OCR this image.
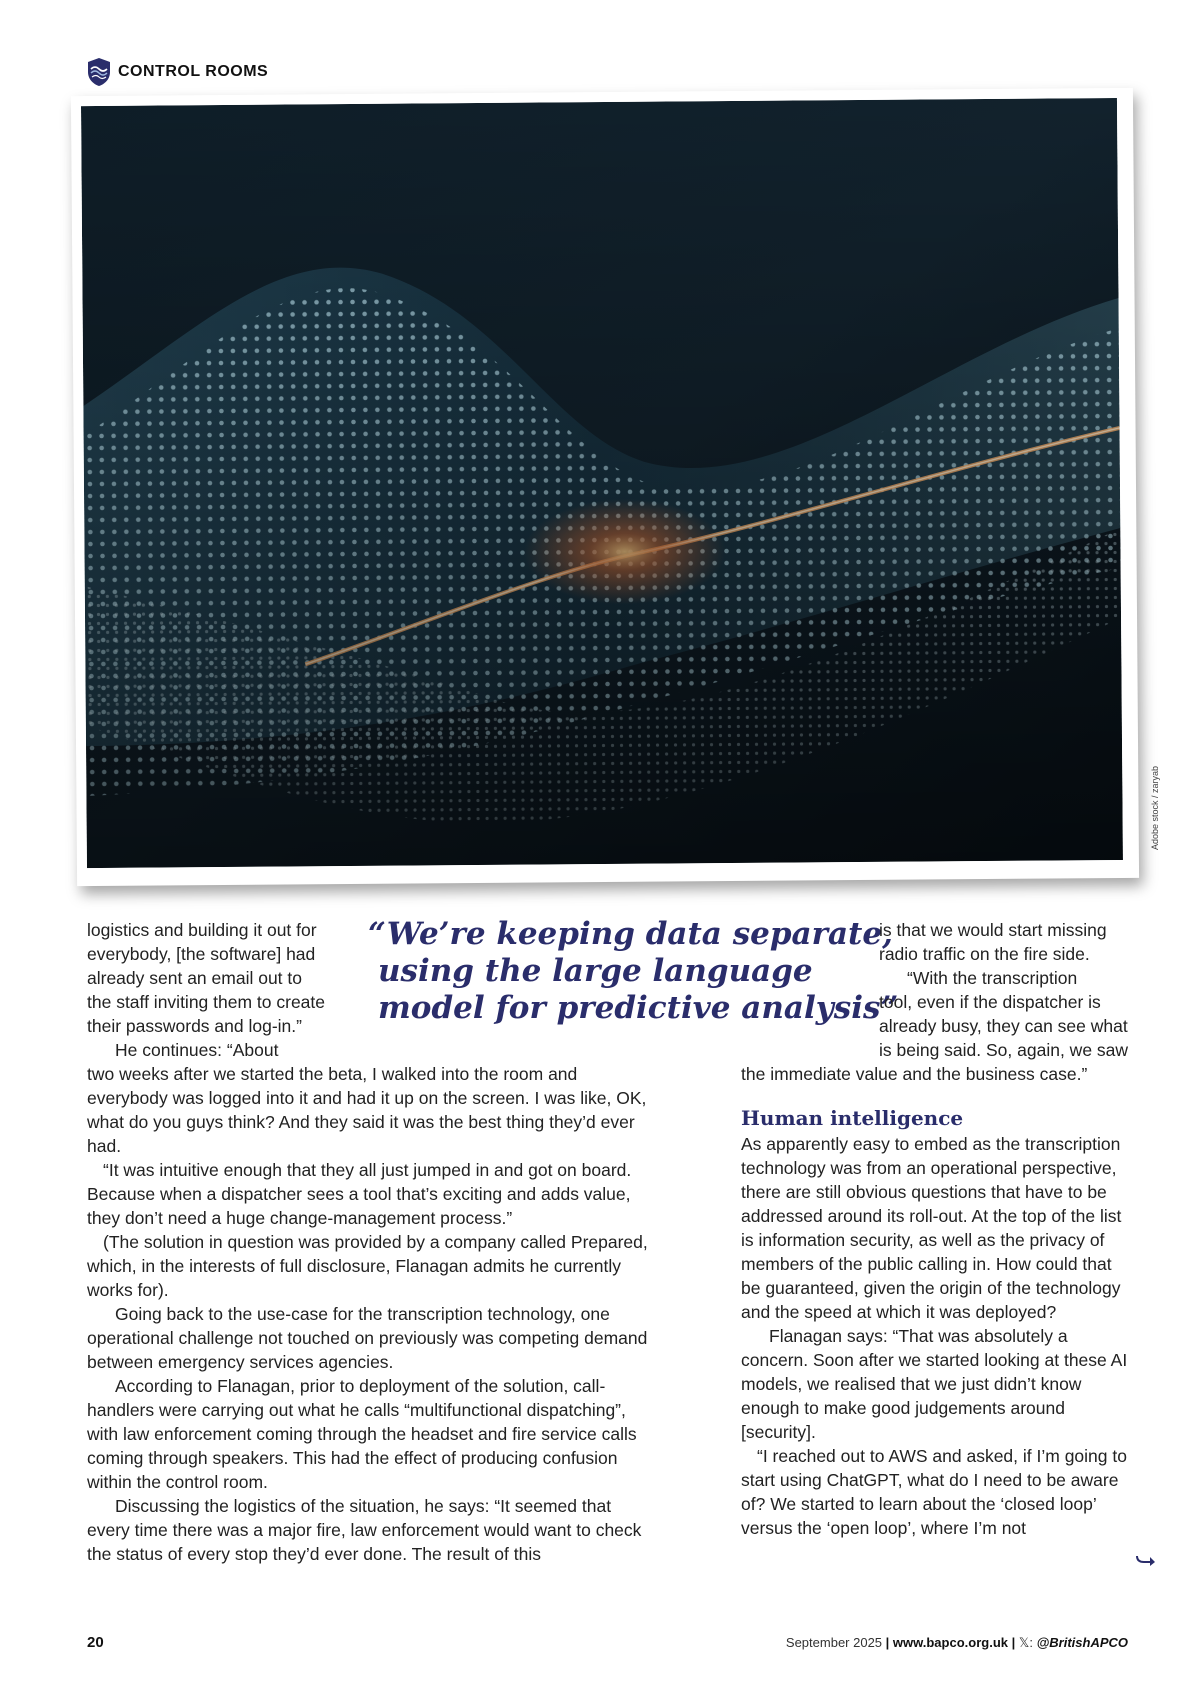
CONTROL ROOMS
Adobe stock / zaryab

logistics and building it out for

everybody, [the software] had

already sent an email out to

the staff inviting them to create

their passwords and log-in.”

He continues: “About

“We’re keeping data separate,
using the large language
model for predictive analysis”

is that we would start missing

radio traffic on the fire side.

“With the transcription

tool, even if the dispatcher is

already busy, they can see what

is being said. So, again, we saw

two weeks after we started the beta, I walked into the room and everybody was logged into it and had it up on the screen. I was like, OK, what do you guys think? And they said it was the best thing they’d ever had.

“It was intuitive enough that they all just jumped in and got on board. Because when a dispatcher sees a tool that’s exciting and adds value, they don’t need a huge change-management process.”

(The solution in question was provided by a company called Prepared, which, in the interests of full disclosure, Flanagan admits he currently works for).

Going back to the use-case for the transcription technology, one operational challenge not touched on previously was competing demand between emergency services agencies.

According to Flanagan, prior to deployment of the solution, call-handlers were carrying out what he calls “multifunctional dispatching”, with law enforcement coming through the headset and fire service calls coming through speakers. This had the effect of producing confusion within the control room.

Discussing the logistics of the situation, he says: “It seemed that every time there was a major fire, law enforcement would want to check the status of every stop they’d ever done. The result of this

the immediate value and the business case.”

Human intelligence

As apparently easy to embed as the transcription technology was from an operational perspective, there are still obvious questions that have to be addressed around its roll-out. At the top of the list is information security, as well as the privacy of members of the public calling in. How could that be guaranteed, given the origin of the technology and the speed at which it was deployed?

Flanagan says: “That was absolutely a concern. Soon after we started looking at these AI models, we realised that we just didn’t know enough to make good judgements around [security].

“I reached out to AWS and asked, if I’m going to start using ChatGPT, what do I need to be aware of? We started to learn about the ‘closed loop’ versus the ‘open loop’, where I’m not

20	September 2025 | www.bapco.org.uk | 𝕏: @BritishAPCO
